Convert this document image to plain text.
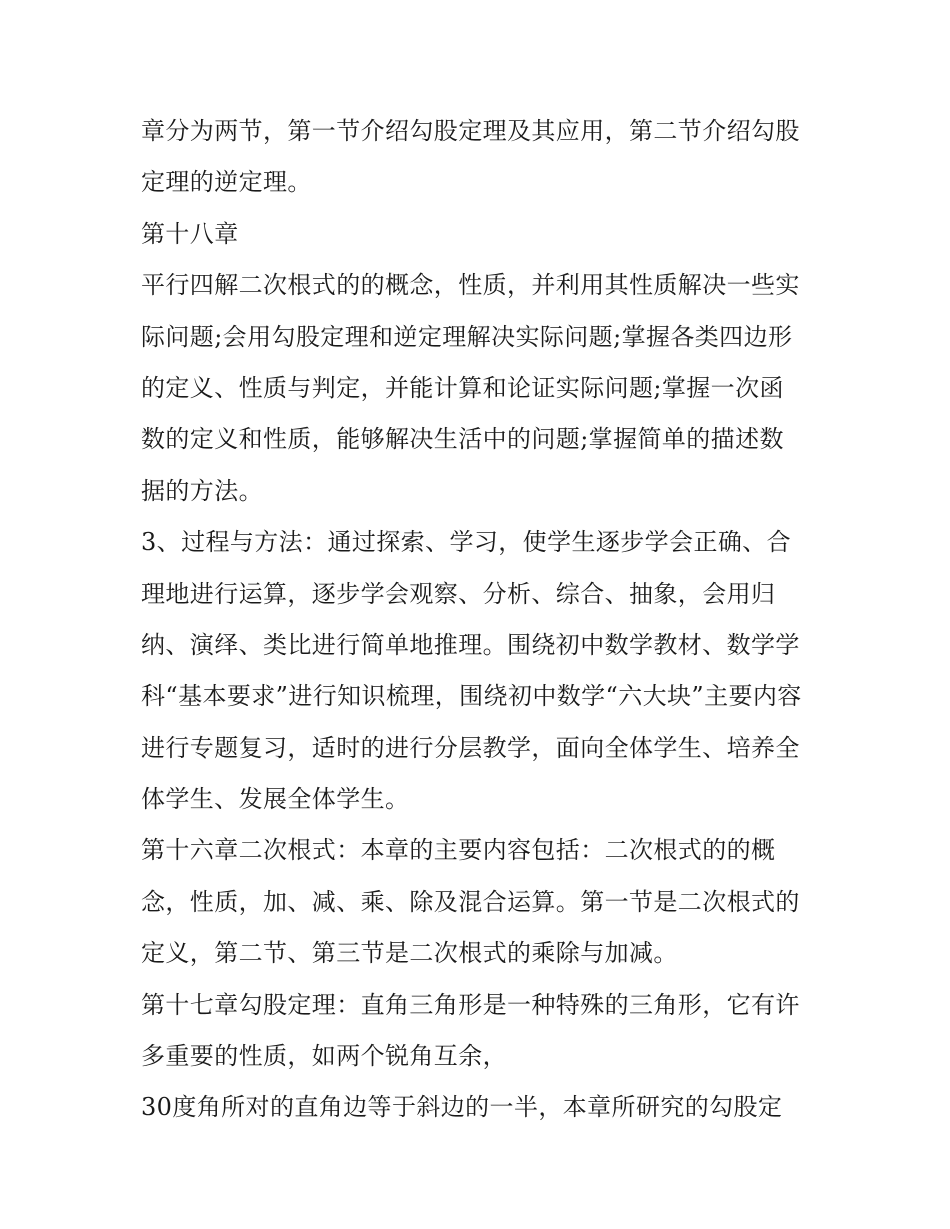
章分为两节，第一节介绍勾股定理及其应用，第二节介绍勾股
定理的逆定理。
第十八章
平行四解二次根式的的概念，性质，并利用其性质解决一些实
际问题;会用勾股定理和逆定理解决实际问题;掌握各类四边形
的定义、性质与判定，并能计算和论证实际问题;掌握一次函
数的定义和性质，能够解决生活中的问题;掌握简单的描述数
据的方法。
3、过程与方法：通过探索、学习，使学生逐步学会正确、合
理地进行运算，逐步学会观察、分析、综合、抽象，会用归
纳、演绎、类比进行简单地推理。围绕初中数学教材、数学学
科“基本要求”进行知识梳理，围绕初中数学“六大块”主要内容
进行专题复习，适时的进行分层教学，面向全体学生、培养全
体学生、发展全体学生。
第十六章二次根式：本章的主要内容包括：二次根式的的概
念，性质，加、减、乘、除及混合运算。第一节是二次根式的
定义，第二节、第三节是二次根式的乘除与加减。
第十七章勾股定理：直角三角形是一种特殊的三角形，它有许
多重要的性质，如两个锐角互余，
30度角所对的直角边等于斜边的一半，本章所研究的勾股定
